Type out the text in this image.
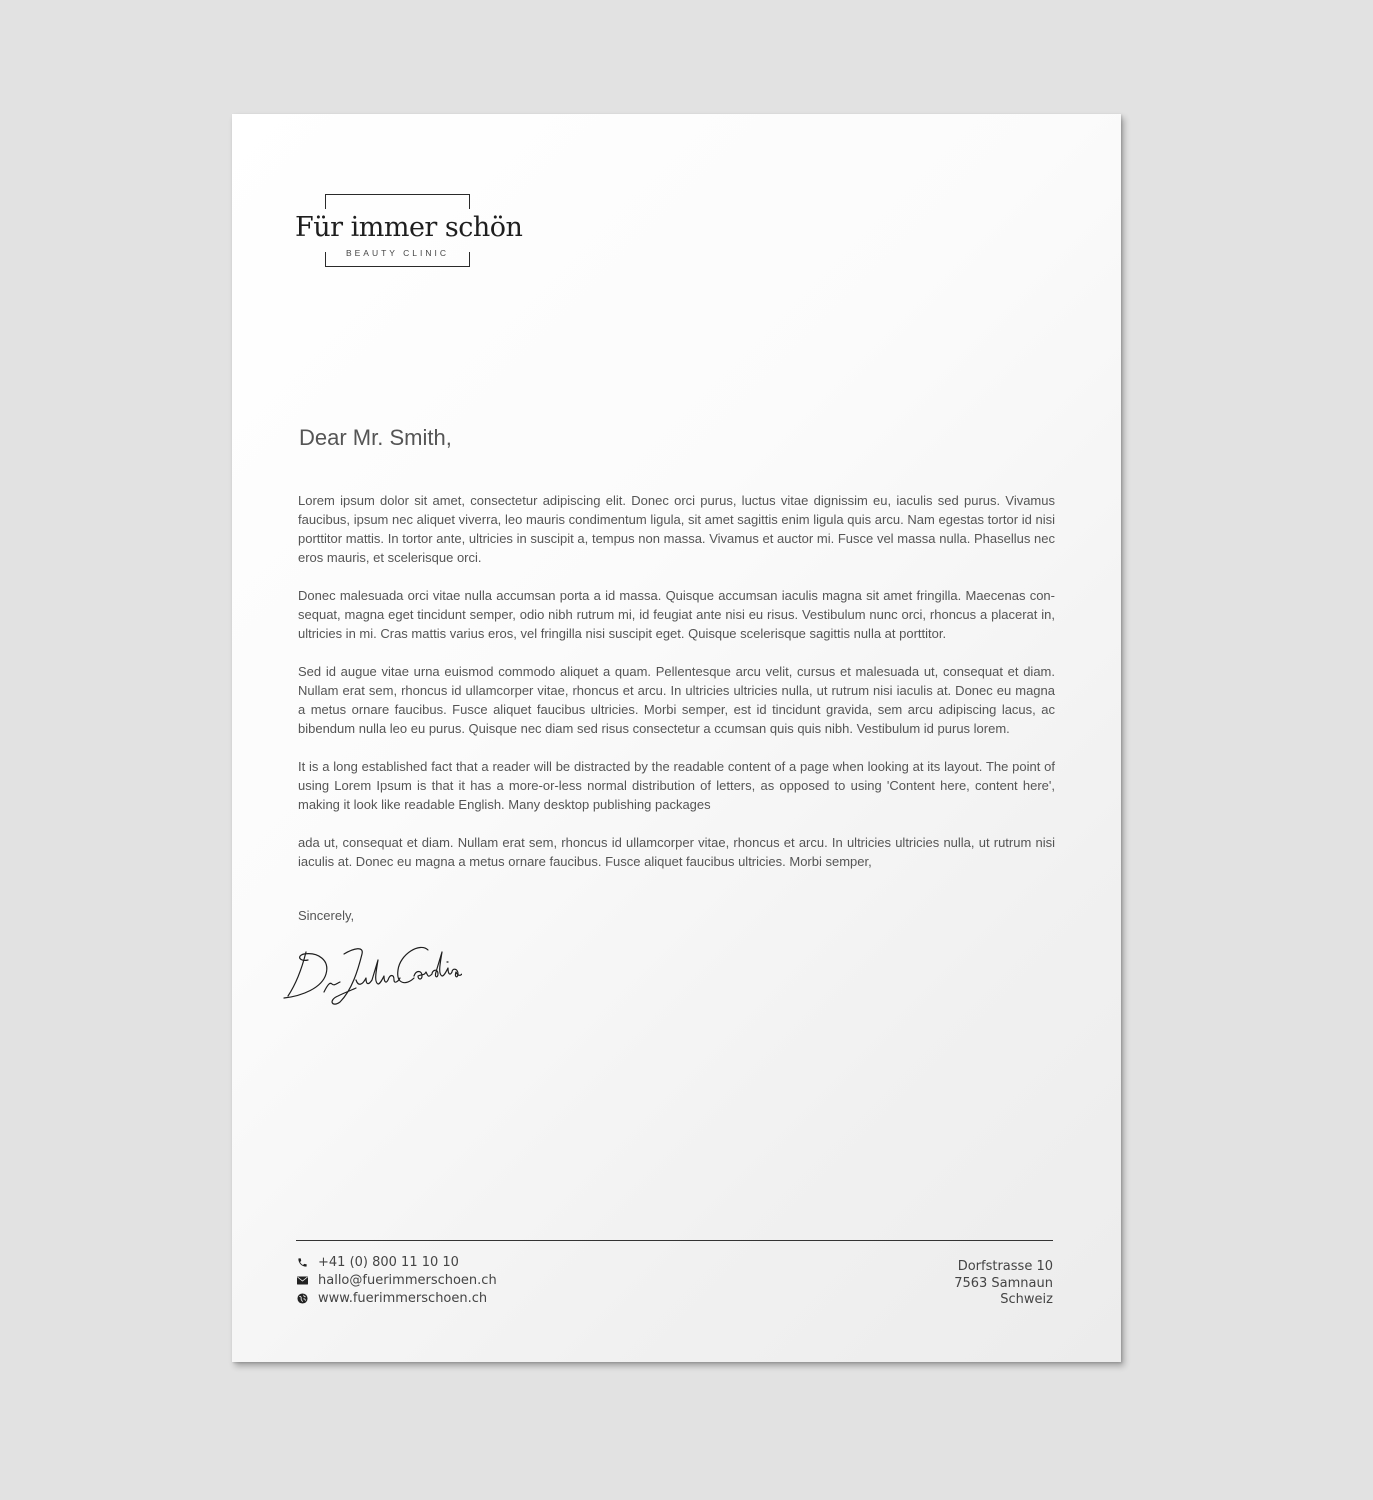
Für immer schön
BEAUTY CLINIC
Dear Mr. Smith,

Lorem ipsum dolor sit amet, consectetur adipiscing elit. Donec orci purus, luctus vitae dignissim eu, iaculis sed purus. Vivamus faucibus, ipsum nec aliquet viverra, leo mauris condimentum ligula, sit amet sagittis enim ligula quis arcu. Nam egestas tortor id nisi porttitor mattis. In tortor ante, ultricies in suscipit a, tempus non massa. Vivamus et auctor mi. Fusce vel massa nulla. Phasellus nec eros mauris, et scelerisque orci.

Donec malesuada orci vitae nulla accumsan porta a id massa. Quisque accumsan iaculis magna sit amet fringilla. Maecenas con-sequat, magna eget tincidunt semper, odio nibh rutrum mi, id feugiat ante nisi eu risus. Vestibulum nunc orci, rhoncus a placerat in, ultricies in mi. Cras mattis varius eros, vel fringilla nisi suscipit eget. Quisque scelerisque sagittis nulla at porttitor.

Sed id augue vitae urna euismod commodo aliquet a quam. Pellentesque arcu velit, cursus et malesuada ut, consequat et diam. Nullam erat sem, rhoncus id ullamcorper vitae, rhoncus et arcu. In ultricies ultricies nulla, ut rutrum nisi iaculis at. Donec eu magna a metus ornare faucibus. Fusce aliquet faucibus ultricies. Morbi semper, est id tincidunt gravida, sem arcu adipiscing lacus, ac bibendum nulla leo eu purus. Quisque nec diam sed risus consectetur a ccumsan quis quis nibh. Vestibulum id purus lorem.

It is a long established fact that a reader will be distracted by the readable content of a page when looking at its layout. The point of using Lorem Ipsum is that it has a more-or-less normal distribution of letters, as opposed to using 'Content here, content here', making it look like readable English. Many desktop publishing packages

ada ut, consequat et diam. Nullam erat sem, rhoncus id ullamcorper vitae, rhoncus et arcu. In ultricies ultricies nulla, ut rutrum nisi iaculis at. Donec eu magna a metus ornare faucibus. Fusce aliquet faucibus ultricies. Morbi semper,

Sincerely,
+41 (0) 800 11 10 10
hallo@fuerimmerschoen.ch
www.fuerimmerschoen.ch
Dorfstrasse 10
7563 Samnaun
Schweiz
